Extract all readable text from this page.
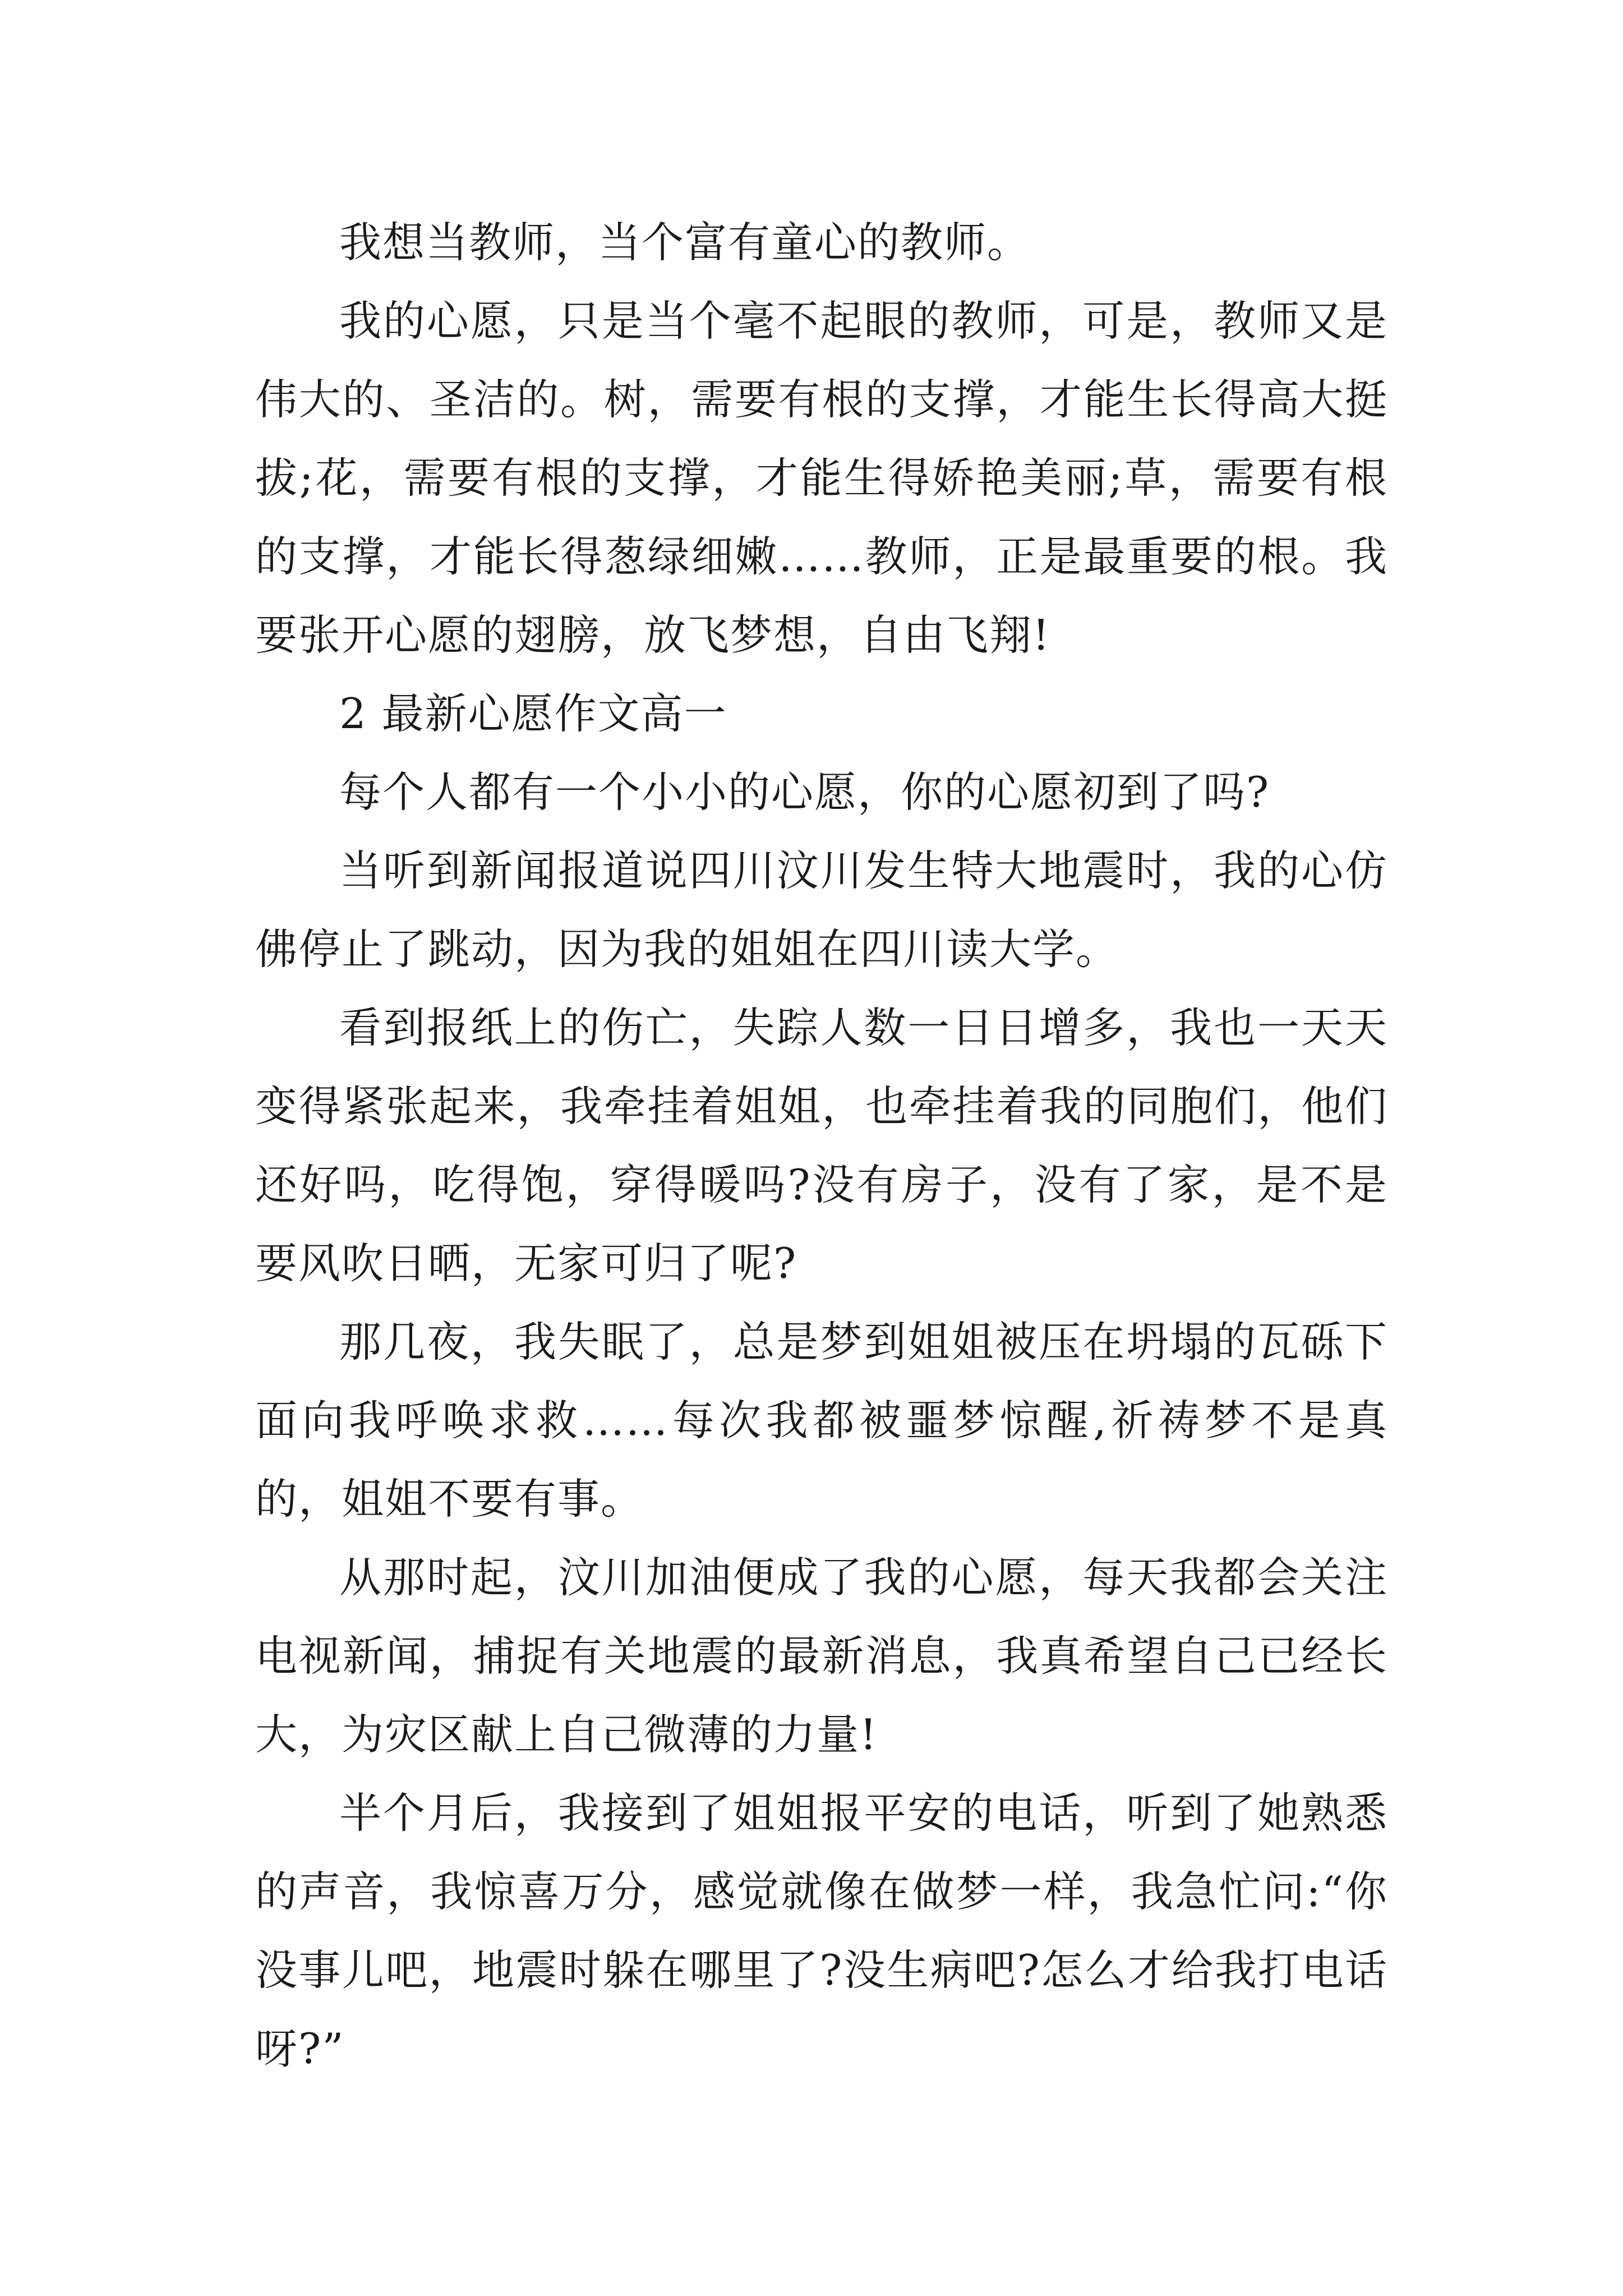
我想当教师，当个富有童心的教师。

我的心愿，只是当个毫不起眼的教师，可是，教师又是伟大的、圣洁的。树，需要有根的支撑，才能生长得高大挺拔;花，需要有根的支撑，才能生得娇艳美丽;草，需要有根的支撑，才能长得葱绿细嫩……教师，正是最重要的根。我要张开心愿的翅膀，放飞梦想，自由飞翔!

2 最新心愿作文高一

每个人都有一个小小的心愿，你的心愿初到了吗?

当听到新闻报道说四川汶川发生特大地震时，我的心仿佛停止了跳动，因为我的姐姐在四川读大学。

看到报纸上的伤亡，失踪人数一日日增多，我也一天天变得紧张起来，我牵挂着姐姐，也牵挂着我的同胞们，他们还好吗，吃得饱，穿得暖吗?没有房子，没有了家，是不是要风吹日晒，无家可归了呢?

那几夜，我失眠了，总是梦到姐姐被压在坍塌的瓦砾下面向我呼唤求救……每次我都被噩梦惊醒,祈祷梦不是真的，姐姐不要有事。

从那时起，汶川加油便成了我的心愿，每天我都会关注电视新闻，捕捉有关地震的最新消息，我真希望自己已经长大，为灾区献上自己微薄的力量!

半个月后，我接到了姐姐报平安的电话，听到了她熟悉的声音，我惊喜万分，感觉就像在做梦一样，我急忙问:“你没事儿吧，地震时躲在哪里了?没生病吧?怎么才给我打电话呀?”
